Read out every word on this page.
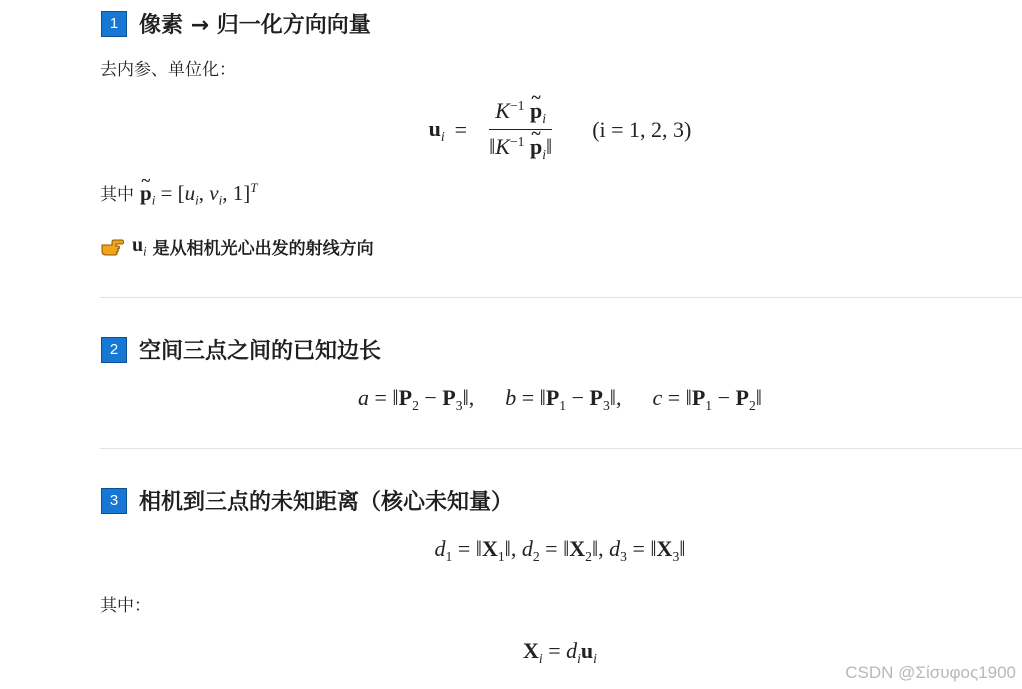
1 像素 → 归一化方向向量
去内参、单位化：
$u_i = \frac{K^{-1} \sim p_i}{‖K^{-1} \sim p_i‖} (i = 1$, 2, 3)
其中 ~ $p_i = [u_i$, $v_i$, 1]$^T$
$u_i$ 是从相机光心出发的射线方向
2 空间三点之间的已知边长
$a = ‖P_2$ − $P_3‖$,  $b = ‖P_1$ − $P_3‖$,  $c = ‖P_1$ − $P_2‖$
3 相机到三点的未知距离（核心未知量）
$d_1$ = $‖X_1‖$, $d_2$ = $‖X_2‖$, $d_3$ = $‖X_3‖$
其中：
$X_i = d_iu_i$
CSDN @Σίσυφος1900
